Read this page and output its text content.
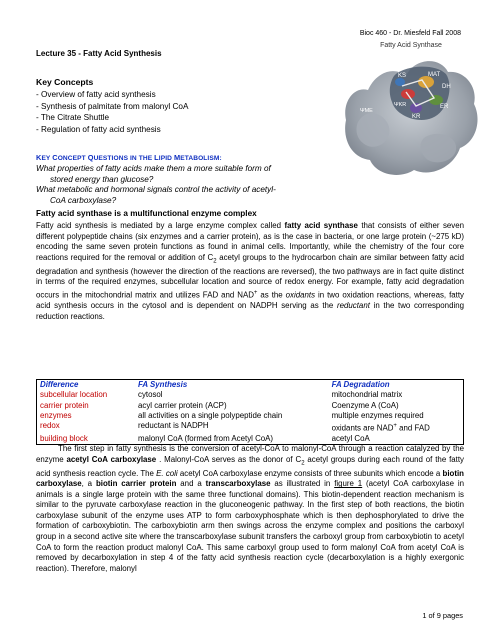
Bioc 460 - Dr. Miesfeld Fall 2008
Lecture 35 - Fatty Acid Synthesis
Fatty Acid Synthase
MAT
DH
KS
ER
KR
ΨKR
ΨME
Key Concepts
- Overview of fatty acid synthesis
- Synthesis of palmitate from malonyl CoA
- The Citrate Shuttle
- Regulation of fatty acid synthesis
KEY CONCEPT QUESTIONS IN THE LIPID METABOLISM:
What properties of fatty acids make them a more suitable form of
stored energy than glucose?
What metabolic and hormonal signals control the activity of acetyl-
CoA carboxylase?
Fatty acid synthase is a multifunctional enzyme complex
Fatty acid synthesis is mediated by a large enzyme complex called fatty acid synthase that consists of either seven different polypeptide chains (six enzymes and a carrier protein), as is the case in bacteria, or one large protein (~275 kD) encoding the same seven protein functions as found in animal cells. Importantly, while the chemistry of the four core reactions required for the removal or addition of $C_2$ acetyl groups to the hydrocarbon chain are similar between fatty acid degradation and synthesis (however the direction of the reactions are reversed), the two pathways are in fact quite distinct in terms of the required enzymes, subcellular location and source of redox energy. For example, fatty acid degradation occurs in the mitochondrial matrix and utilizes FAD and NAD+ as the oxidants in two oxidation reactions, whereas, fatty acid synthesis occurs in the cytosol and is dependent on NADPH serving as the reductant in the two corresponding reduction reactions.
Difference	FA Synthesis	FA Degradation
subcellular location	cytosol	mitochondrial matrix
carrier protein	acyl carrier protein (ACP)	Coenzyme A (CoA)
enzymes	all activities on a single polypeptide chain	multiple enzymes required
redox	reductant is NADPH	oxidants are NAD+ and FAD
building block	malonyl CoA (formed from Acetyl CoA)	acetyl CoA
The first step in fatty synthesis is the conversion of acetyl-CoA to malonyl-CoA through a reaction catalyzed by the enzyme acetyl CoA carboxylase . Malonyl-CoA serves as the donor of $C_2$ acetyl groups during each round of the fatty acid synthesis reaction cycle. The E. coli acetyl CoA carboxylase enzyme consists of three subunits which encode a biotin carboxylase, a biotin carrier protein and a transcarboxylase as illustrated in figure 1 (acetyl CoA carboxylase in animals is a single large protein with the same three functional domains). This biotin-dependent reaction mechanism is similar to the pyruvate carboxylase reaction in the gluconeogenic pathway. In the first step of both reactions, the biotin carboxylase subunit of the enzyme uses ATP to form carboxyphosphate which is then dephosphorylated to drive the formation of carboxybiotin. The carboxybiotin arm then swings across the enzyme complex and positions the carboxyl group in a second active site where the transcarboxylase subunit transfers the carboxyl group from carboxybiotin to acetyl CoA to form the reaction product malonyl CoA. This same carboxyl group used to form malonyl CoA from acetyl CoA is removed by decarboxylation in step 4 of the fatty acid synthesis reaction cycle (decarboxylation is a highly exergonic reaction). Therefore, malonyl
1 of 9 pages
